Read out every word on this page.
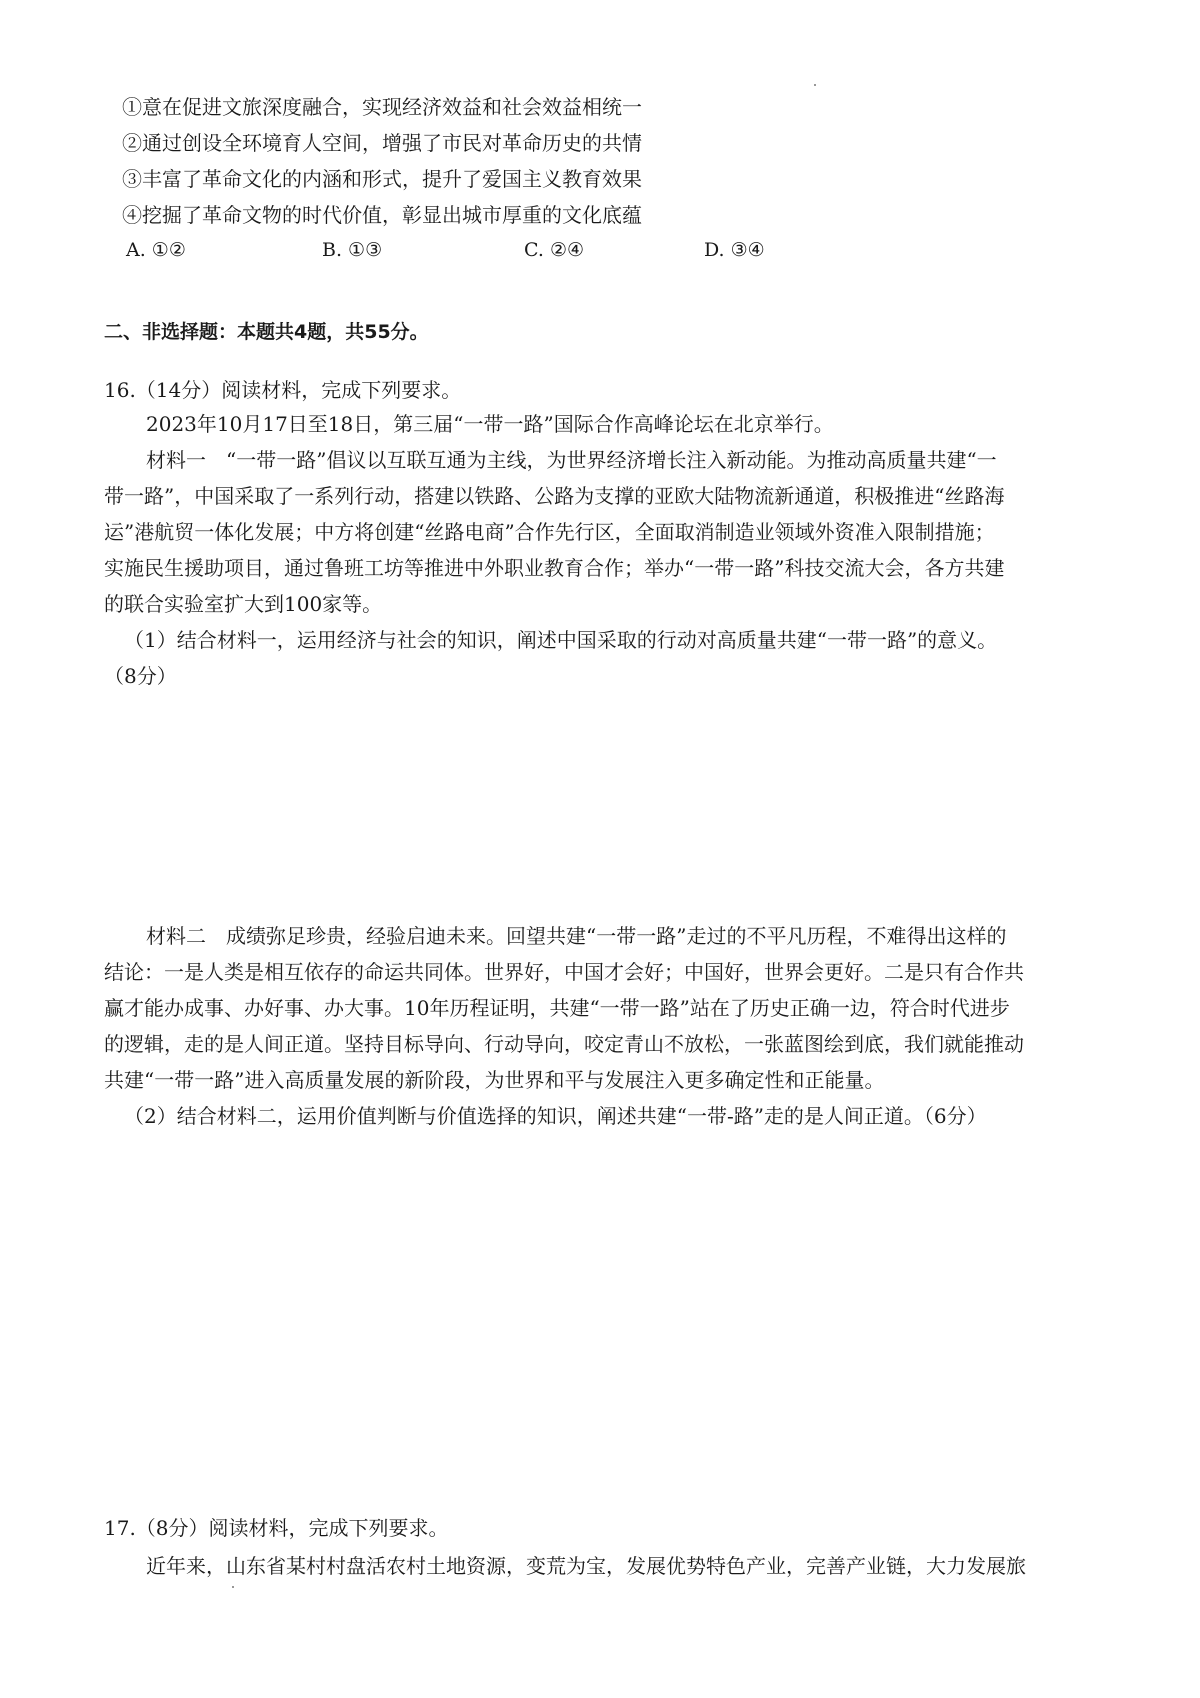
①意在促进文旅深度融合，实现经济效益和社会效益相统一
②通过创设全环境育人空间，增强了市民对革命历史的共情
③丰富了革命文化的内涵和形式，提升了爱国主义教育效果
④挖掘了革命文物的时代价值，彰显出城市厚重的文化底蕴
A. ①②	B. ①③	C. ②④	D. ③④
二、非选择题：本题共4题，共55分。
16.（14分）阅读材料，完成下列要求。
2023年10月17日至18日，第三届“一带一路”国际合作高峰论坛在北京举行。
材料一　“一带一路”倡议以互联互通为主线，为世界经济增长注入新动能。为推动高质量共建“一
带一路”，中国采取了一系列行动，搭建以铁路、公路为支撑的亚欧大陆物流新通道，积极推进“丝路海
运”港航贸一体化发展；中方将创建“丝路电商”合作先行区，全面取消制造业领域外资准入限制措施；
实施民生援助项目，通过鲁班工坊等推进中外职业教育合作；举办“一带一路”科技交流大会，各方共建
的联合实验室扩大到100家等。
（1）结合材料一，运用经济与社会的知识，阐述中国采取的行动对高质量共建“一带一路”的意义。
（8分）
材料二　成绩弥足珍贵，经验启迪未来。回望共建“一带一路”走过的不平凡历程，不难得出这样的
结论：一是人类是相互依存的命运共同体。世界好，中国才会好；中国好，世界会更好。二是只有合作共
赢才能办成事、办好事、办大事。10年历程证明，共建“一带一路”站在了历史正确一边，符合时代进步
的逻辑，走的是人间正道。坚持目标导向、行动导向，咬定青山不放松，一张蓝图绘到底，我们就能推动
共建“一带一路”进入高质量发展的新阶段，为世界和平与发展注入更多确定性和正能量。
（2）结合材料二，运用价值判断与价值选择的知识，阐述共建“一带-路”走的是人间正道。（6分）
17.（8分）阅读材料，完成下列要求。
近年来，山东省某村村盘活农村土地资源，变荒为宝，发展优势特色产业，完善产业链，大力发展旅
